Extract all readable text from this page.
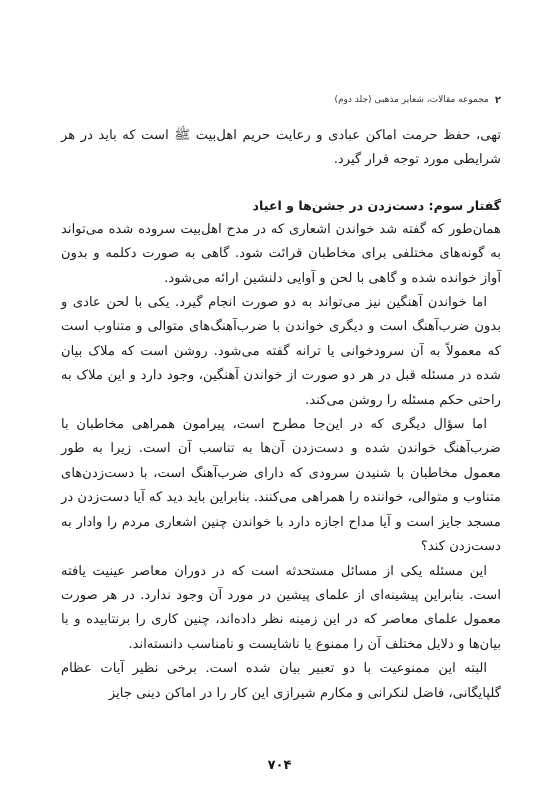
۲
مجموعه مقالات، شعایر مذهبی (جلد دوم)

تهی، حفظ حرمت اماکن عبادی و رعایت حریم اهل‌بیت ﷺ است که باید در هر شرایطی مورد توجه قرار گیرد.

گفتار سوم: دست‌زدن در جشن‌ها و اعیاد

همان‌طور که گفته شد خواندن اشعاری که در مدح اهل‌بیت سروده شده می‌تواند به گونه‌های مختلفی برای مخاطبان قرائت شود. گاهی به صورت دکلمه و بدون آواز خوانده شده و گاهی با لحن و آوایی دلنشین ارائه می‌شود.

اما خواندن آهنگین نیز می‌تواند به دو صورت انجام گیرد. یکی با لحن عادی و بدون ضرب‌آهنگ است و دیگری خواندن با ضرب‌آهنگ‌های متوالی و متناوب است که معمولاً به آن سرودخوانی یا ترانه گفته می‌شود. روشن است که ملاک بیان شده در مسئله قبل در هر دو صورت از خواندن آهنگین، وجود دارد و این ملاک به راحتی حکم مسئله را روشن می‌کند.

اما سؤال دیگری که در این‌جا مطرح است، پیرامون همراهی مخاطبان با ضرب‌آهنگ خواندن شده و دست‌زدن آن‌ها به تناسب آن است. زیرا به طور معمول مخاطبان با شنیدن سرودی که دارای ضرب‌آهنگ است، با دست‌زدن‌های متناوب و متوالی، خواننده را همراهی می‌کنند. بنابراین باید دید که آیا دست‌زدن در مسجد جایز است و آیا مداح اجازه دارد با خواندن چنین اشعاری مردم را وادار به دست‌زدن کند؟

این مسئله یکی از مسائل مستحدثه است که در دوران معاصر عینیت یافته است. بنابراین پیشینه‌ای از علمای پیشین در مورد آن وجود ندارد. در هر صورت معمول علمای معاصر که در این زمینه نظر داده‌اند، چنین کاری را برنتابیده و با بیان‌ها و دلایل مختلف آن را ممنوع یا ناشایست و نامناسب دانسته‌اند.

البته این ممنوعیت با دو تعبیر بیان شده است. برخی نظیر آیات عظام گلپایگانی، فاضل لنکرانی و مکارم شیرازی این کار را در اماکن دینی جایز

۷۰۴
